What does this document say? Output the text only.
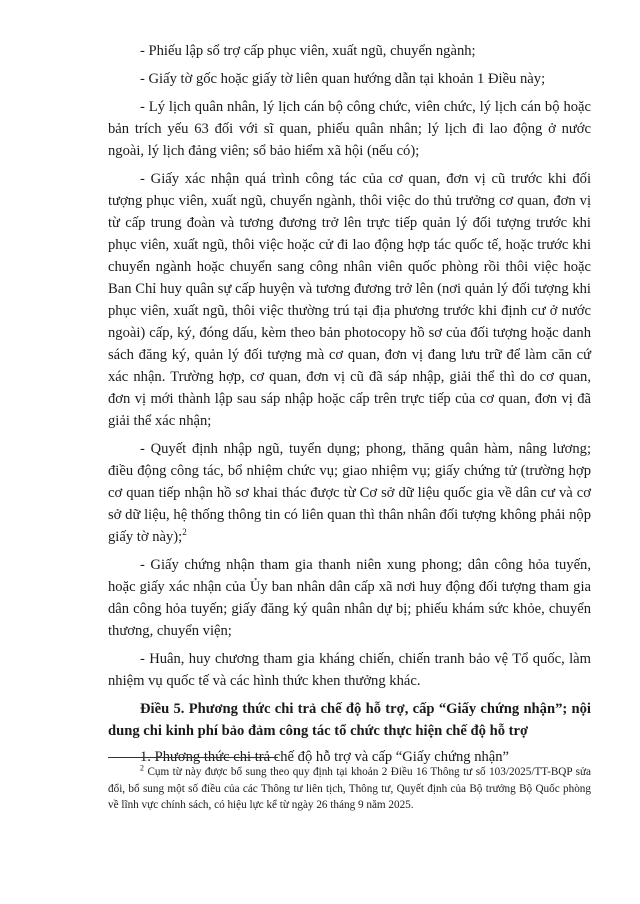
- Phiếu lập sổ trợ cấp phục viên, xuất ngũ, chuyển ngành;

- Giấy tờ gốc hoặc giấy tờ liên quan hướng dẫn tại khoản 1 Điều này;

- Lý lịch quân nhân, lý lịch cán bộ công chức, viên chức, lý lịch cán bộ hoặc bản trích yếu 63 đối với sĩ quan, phiếu quân nhân; lý lịch đi lao động ở nước ngoài, lý lịch đảng viên; sổ bảo hiểm xã hội (nếu có);

- Giấy xác nhận quá trình công tác của cơ quan, đơn vị cũ trước khi đối tượng phục viên, xuất ngũ, chuyển ngành, thôi việc do thủ trưởng cơ quan, đơn vị từ cấp trung đoàn và tương đương trở lên trực tiếp quản lý đối tượng trước khi phục viên, xuất ngũ, thôi việc hoặc cử đi lao động hợp tác quốc tế, hoặc trước khi chuyển ngành hoặc chuyển sang công nhân viên quốc phòng rồi thôi việc hoặc Ban Chỉ huy quân sự cấp huyện và tương đương trở lên (nơi quản lý đối tượng khi phục viên, xuất ngũ, thôi việc thường trú tại địa phương trước khi định cư ở nước ngoài) cấp, ký, đóng dấu, kèm theo bản photocopy hồ sơ của đối tượng hoặc danh sách đăng ký, quản lý đối tượng mà cơ quan, đơn vị đang lưu trữ để làm căn cứ xác nhận. Trường hợp, cơ quan, đơn vị cũ đã sáp nhập, giải thể thì do cơ quan, đơn vị mới thành lập sau sáp nhập hoặc cấp trên trực tiếp của cơ quan, đơn vị đã giải thể xác nhận;

- Quyết định nhập ngũ, tuyển dụng; phong, thăng quân hàm, nâng lương; điều động công tác, bổ nhiệm chức vụ; giao nhiệm vụ; giấy chứng tử (trường hợp cơ quan tiếp nhận hồ sơ khai thác được từ Cơ sở dữ liệu quốc gia về dân cư và cơ sở dữ liệu, hệ thống thông tin có liên quan thì thân nhân đối tượng không phải nộp giấy tờ này);$^2$

- Giấy chứng nhận tham gia thanh niên xung phong; dân công hỏa tuyến, hoặc giấy xác nhận của Ủy ban nhân dân cấp xã nơi huy động đối tượng tham gia dân công hỏa tuyến; giấy đăng ký quân nhân dự bị; phiếu khám sức khỏe, chuyển thương, chuyển viện;

- Huân, huy chương tham gia kháng chiến, chiến tranh bảo vệ Tổ quốc, làm nhiệm vụ quốc tế và các hình thức khen thưởng khác.

Điều 5. Phương thức chi trả chế độ hỗ trợ, cấp “Giấy chứng nhận”; nội dung chi kinh phí bảo đảm công tác tổ chức thực hiện chế độ hỗ trợ

1. Phương thức chi trả chế độ hỗ trợ và cấp “Giấy chứng nhận”

$^2$ Cụm từ này được bổ sung theo quy định tại khoản 2 Điều 16 Thông tư số 103/2025/TT-BQP sửa đổi, bổ sung một số điều của các Thông tư liên tịch, Thông tư, Quyết định của Bộ trưởng Bộ Quốc phòng về lĩnh vực chính sách, có hiệu lực kể từ ngày 26 tháng 9 năm 2025.
